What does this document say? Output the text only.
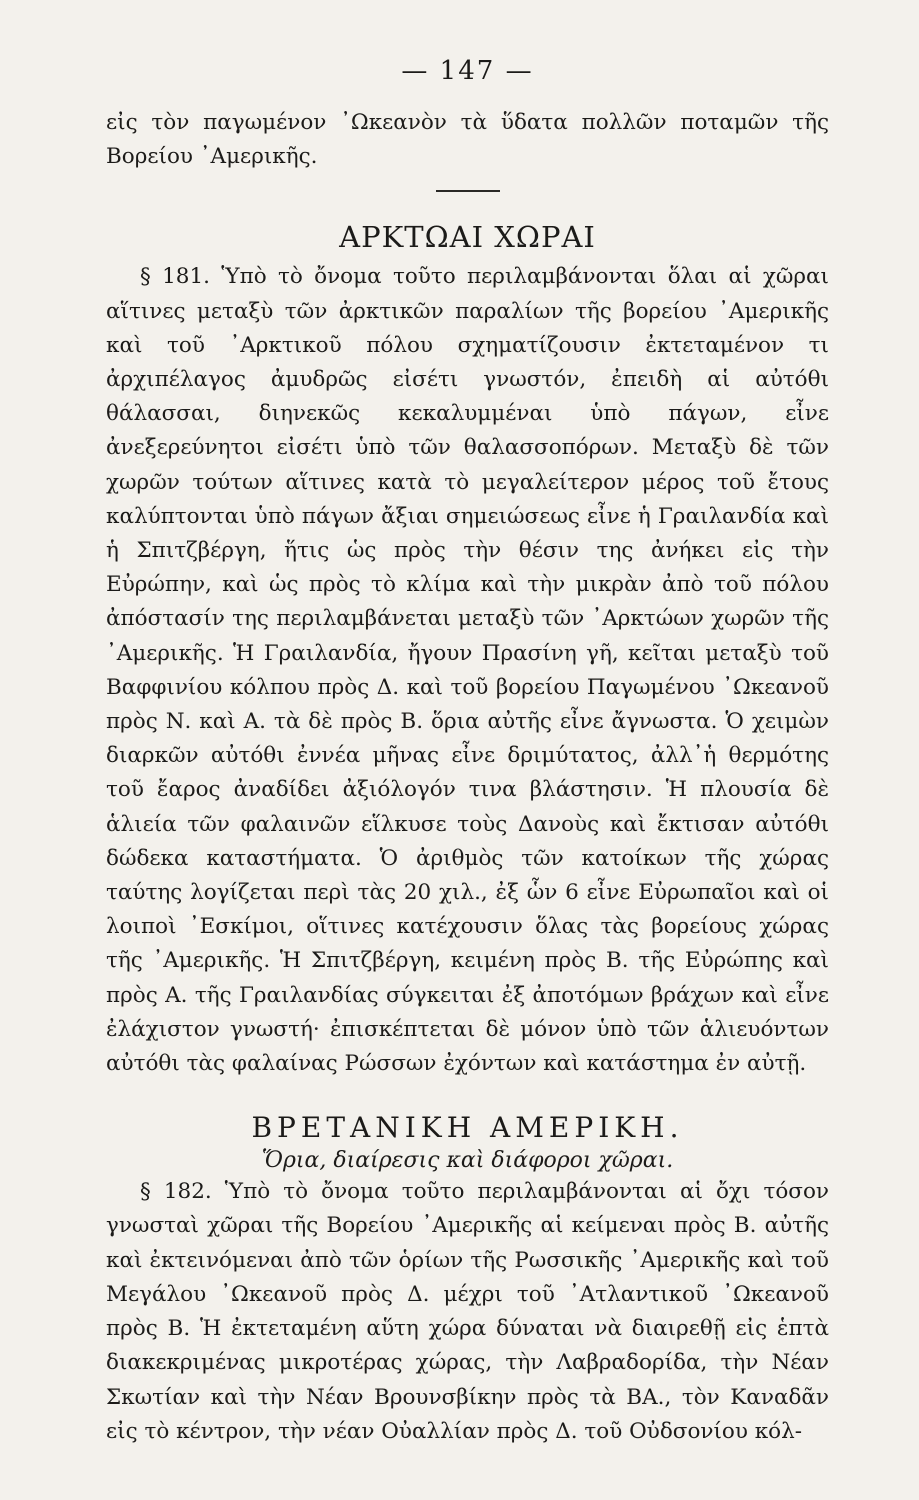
— 147 —

εἰς τὸν παγωμένον ᾿Ωκεανὸν τὰ ὕδατα πολλῶν ποταμῶν τῆς Βορείου ᾿Αμερικῆς.

ΑΡΚΤΩΑΙ ΧΩΡΑΙ

§ 181. Ὑπὸ τὸ ὄνομα τοῦτο περιλαμβάνονται ὅλαι αἱ χῶραι αἵτινες μεταξὺ τῶν ἀρκτικῶν παραλίων τῆς βορείου ᾿Αμερικῆς καὶ τοῦ ᾿Αρκτικοῦ πόλου σχηματίζουσιν ἐκτεταμένον τι ἀρχιπέλαγος ἀμυδρῶς εἰσέτι γνωστόν, ἐπειδὴ αἱ αὐτόθι θάλασσαι, διηνεκῶς κεκαλυμμέναι ὑπὸ πάγων, εἶνε ἀνεξερεύνητοι εἰσέτι ὑπὸ τῶν θαλασσοπόρων. Μεταξὺ δὲ τῶν χωρῶν τούτων αἵτινες κατὰ τὸ μεγαλείτερον μέρος τοῦ ἔτους καλύπτονται ὑπὸ πάγων ἄξιαι σημειώσεως εἶνε ἡ Γραιλανδία καὶ ἡ Σπιτζβέργη, ἥτις ὡς πρὸς τὴν θέσιν της ἀνήκει εἰς τὴν Εὐρώπην, καὶ ὡς πρὸς τὸ κλίμα καὶ τὴν μικρὰν ἀπὸ τοῦ πόλου ἀπόστασίν της περιλαμβάνεται μεταξὺ τῶν ᾿Αρκτώων χωρῶν τῆς ᾿Αμερικῆς. Ἡ Γραιλανδία, ἤγουν Πρασίνη γῆ, κεῖται μεταξὺ τοῦ Βαφφινίου κόλπου πρὸς Δ. καὶ τοῦ βορείου Παγωμένου ᾿Ωκεανοῦ πρὸς Ν. καὶ Α. τὰ δὲ πρὸς Β. ὅρια αὐτῆς εἶνε ἄγνωστα. Ὁ χειμὼν διαρκῶν αὐτόθι ἐννέα μῆνας εἶνε δριμύτατος, ἀλλ᾿ἡ θερμότης τοῦ ἔαρος ἀναδίδει ἀξιόλογόν τινα βλάστησιν. Ἡ πλουσία δὲ ἁλιεία τῶν φαλαινῶν εἵλκυσε τοὺς Δανοὺς καὶ ἔκτισαν αὐτόθι δώδεκα καταστήματα. Ὁ ἀριθμὸς τῶν κατοίκων τῆς χώρας ταύτης λογίζεται περὶ τὰς 20 χιλ., ἐξ ὧν 6 εἶνε Εὐρωπαῖοι καὶ οἱ λοιποὶ ᾿Εσκίμοι, οἵτινες κατέχουσιν ὅλας τὰς βορείους χώρας τῆς ᾿Αμερικῆς. Ἡ Σπιτζβέργη, κειμένη πρὸς Β. τῆς Εὐρώπης καὶ πρὸς Α. τῆς Γραιλανδίας σύγκειται ἐξ ἀποτόμων βράχων καὶ εἶνε ἐλάχιστον γνωστή· ἐπισκέπτεται δὲ μόνον ὑπὸ τῶν ἁλιευόντων αὐτόθι τὰς φαλαίνας Ρώσσων ἐχόντων καὶ κατάστημα ἐν αὐτῇ.

ΒΡΕΤΑΝΙΚΗ ΑΜΕΡΙΚΗ.
Ὅρια, διαίρεσις καὶ διάφοροι χῶραι.

§ 182. Ὑπὸ τὸ ὄνομα τοῦτο περιλαμβάνονται αἱ ὄχι τόσον γνωσταὶ χῶραι τῆς Βορείου ᾿Αμερικῆς αἱ κείμεναι πρὸς Β. αὐτῆς καὶ ἐκτεινόμεναι ἀπὸ τῶν ὁρίων τῆς Ρωσσικῆς ᾿Αμερικῆς καὶ τοῦ Μεγάλου ᾿Ωκεανοῦ πρὸς Δ. μέχρι τοῦ ᾿Ατλαντικοῦ ᾿Ωκεανοῦ πρὸς Β. Ἡ ἐκτεταμένη αὕτη χώρα δύναται νὰ διαιρεθῇ εἰς ἑπτὰ διακεκριμένας μικροτέρας χώρας, τὴν Λαβραδορίδα, τὴν Νέαν Σκωτίαν καὶ τὴν Νέαν Βρουνσβίκην πρὸς τὰ ΒΑ., τὸν Καναδᾶν εἰς τὸ κέντρον, τὴν νέαν Οὐαλλίαν πρὸς Δ. τοῦ Οὐδσονίου κόλ-
